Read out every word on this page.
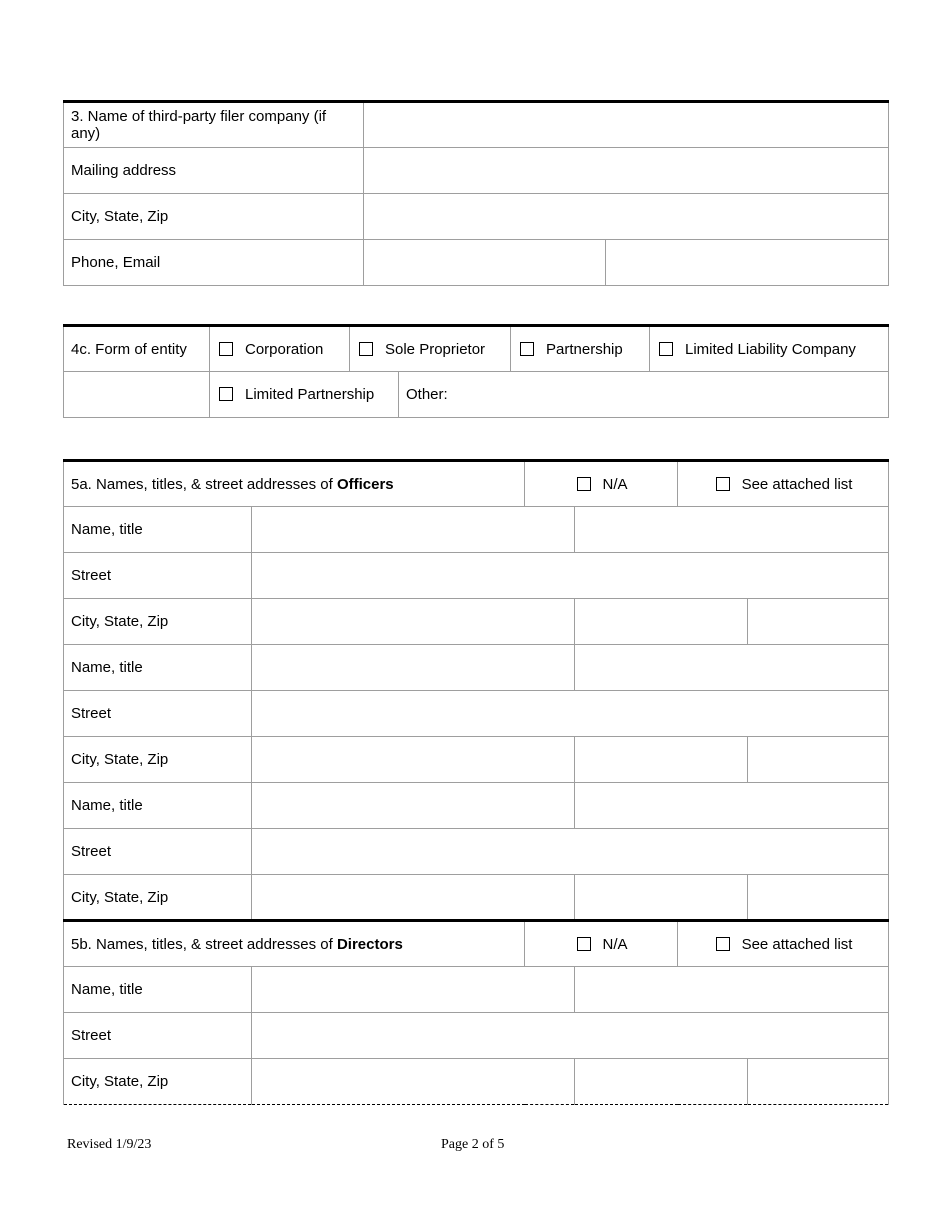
3. Name of third-party filer company (if any)		
Mailing address		
City, State, Zip		
Phone, Email		
4c. Form of entity	Corporation	Sole Proprietor		Partnership	Limited Liability Company
	Limited Partnership		Other:		
5a. Names, titles, & street addresses of Officers		N/A		See attached list	
Name, title					
Street					
City, State, Zip					
Name, title					
Street					
City, State, Zip					
Name, title					
Street					
City, State, Zip					
5b. Names, titles, & street addresses of Directors		N/A		See attached list	
Name, title					
Street					
City, State, Zip					
Revised 1/9/23	Page 2 of 5
